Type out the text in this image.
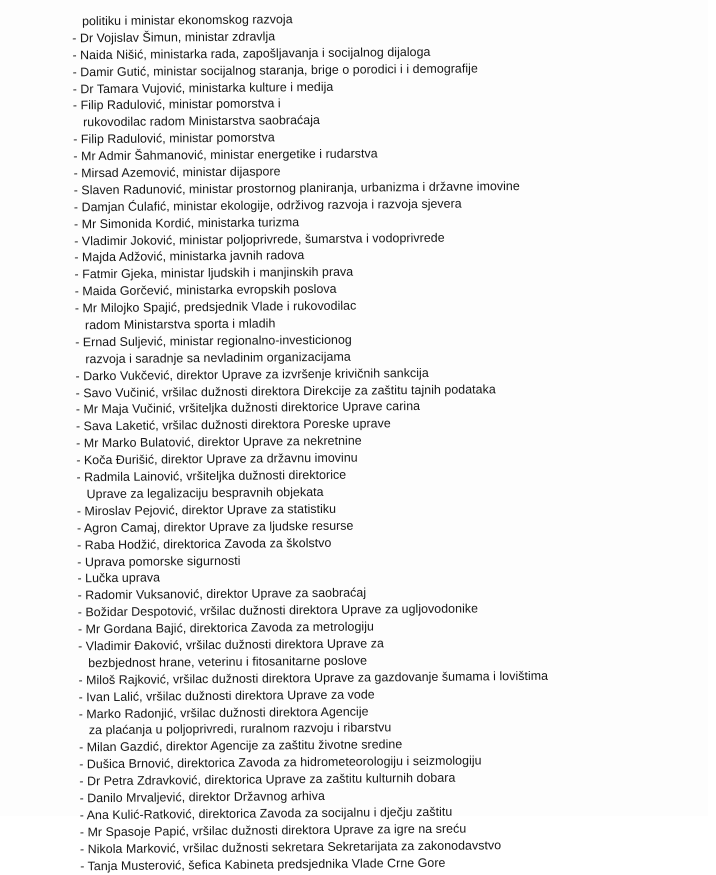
politiku i ministar ekonomskog razvoja
- Dr Vojislav Šimun, ministar zdravlja
- Naida Nišić, ministarka rada, zapošljavanja i socijalnog dijaloga
- Damir Gutić, ministar socijalnog staranja, brige o porodici i i demografije
- Dr Tamara Vujović, ministarka kulture i medija
- Filip Radulović, ministar pomorstva i
rukovodilac radom Ministarstva saobraćaja
- Filip Radulović, ministar pomorstva
- Mr Admir Šahmanović, ministar energetike i rudarstva
- Mirsad Azemović, ministar dijaspore
- Slaven Radunović, ministar prostornog planiranja, urbanizma i državne imovine
- Damjan Ćulafić, ministar ekologije, održivog razvoja i razvoja sjevera
- Mr Simonida Kordić, ministarka turizma
- Vladimir Joković, ministar poljoprivrede, šumarstva i vodoprivrede
- Majda Adžović, ministarka javnih radova
- Fatmir Gjeka, ministar ljudskih i manjinskih prava
- Maida Gorčević, ministarka evropskih poslova
- Mr Milojko Spajić, predsjednik Vlade i rukovodilac
radom Ministarstva sporta i mladih
- Ernad Suljević, ministar regionalno-investicionog
razvoja i saradnje sa nevladinim organizacijama
- Darko Vukčević, direktor Uprave za izvršenje krivičnih sankcija
- Savo Vučinić, vršilac dužnosti direktora Direkcije za zaštitu tajnih podataka
- Mr Maja Vučinić, vršiteljka dužnosti direktorice Uprave carina
- Sava Laketić, vršilac dužnosti direktora Poreske uprave
- Mr Marko Bulatović, direktor Uprave za nekretnine
- Koča Đurišić, direktor Uprave za državnu imovinu
- Radmila Lainović, vršiteljka dužnosti direktorice
Uprave za legalizaciju bespravnih objekata
- Miroslav Pejović, direktor Uprave za statistiku
- Agron Camaj, direktor Uprave za ljudske resurse
- Raba Hodžić, direktorica Zavoda za školstvo
- Uprava pomorske sigurnosti
- Lučka uprava
- Radomir Vuksanović, direktor Uprave za saobraćaj
- Božidar Despotović, vršilac dužnosti direktora Uprave za ugljovodonike
- Mr Gordana Bajić, direktorica Zavoda za metrologiju
- Vladimir Đaković, vršilac dužnosti direktora Uprave za
bezbjednost hrane, veterinu i fitosanitarne poslove
- Miloš Rajković, vršilac dužnosti direktora Uprave za gazdovanje šumama i lovištima
- Ivan Lalić, vršilac dužnosti direktora Uprave za vode
- Marko Radonjić, vršilac dužnosti direktora Agencije
za plaćanja u poljoprivredi, ruralnom razvoju i ribarstvu
- Milan Gazdić, direktor Agencije za zaštitu životne sredine
- Dušica Brnović, direktorica Zavoda za hidrometeorologiju i seizmologiju
- Dr Petra Zdravković, direktorica Uprave za zaštitu kulturnih dobara
- Danilo Mrvaljević, direktor Državnog arhiva
- Ana Kulić-Ratković, direktorica Zavoda za socijalnu i dječju zaštitu
- Mr Spasoje Papić, vršilac dužnosti direktora Uprave za igre na sreću
- Nikola Marković, vršilac dužnosti sekretara Sekretarijata za zakonodavstvo
- Tanja Musterović, šefica Kabineta predsjednika Vlade Crne Gore
